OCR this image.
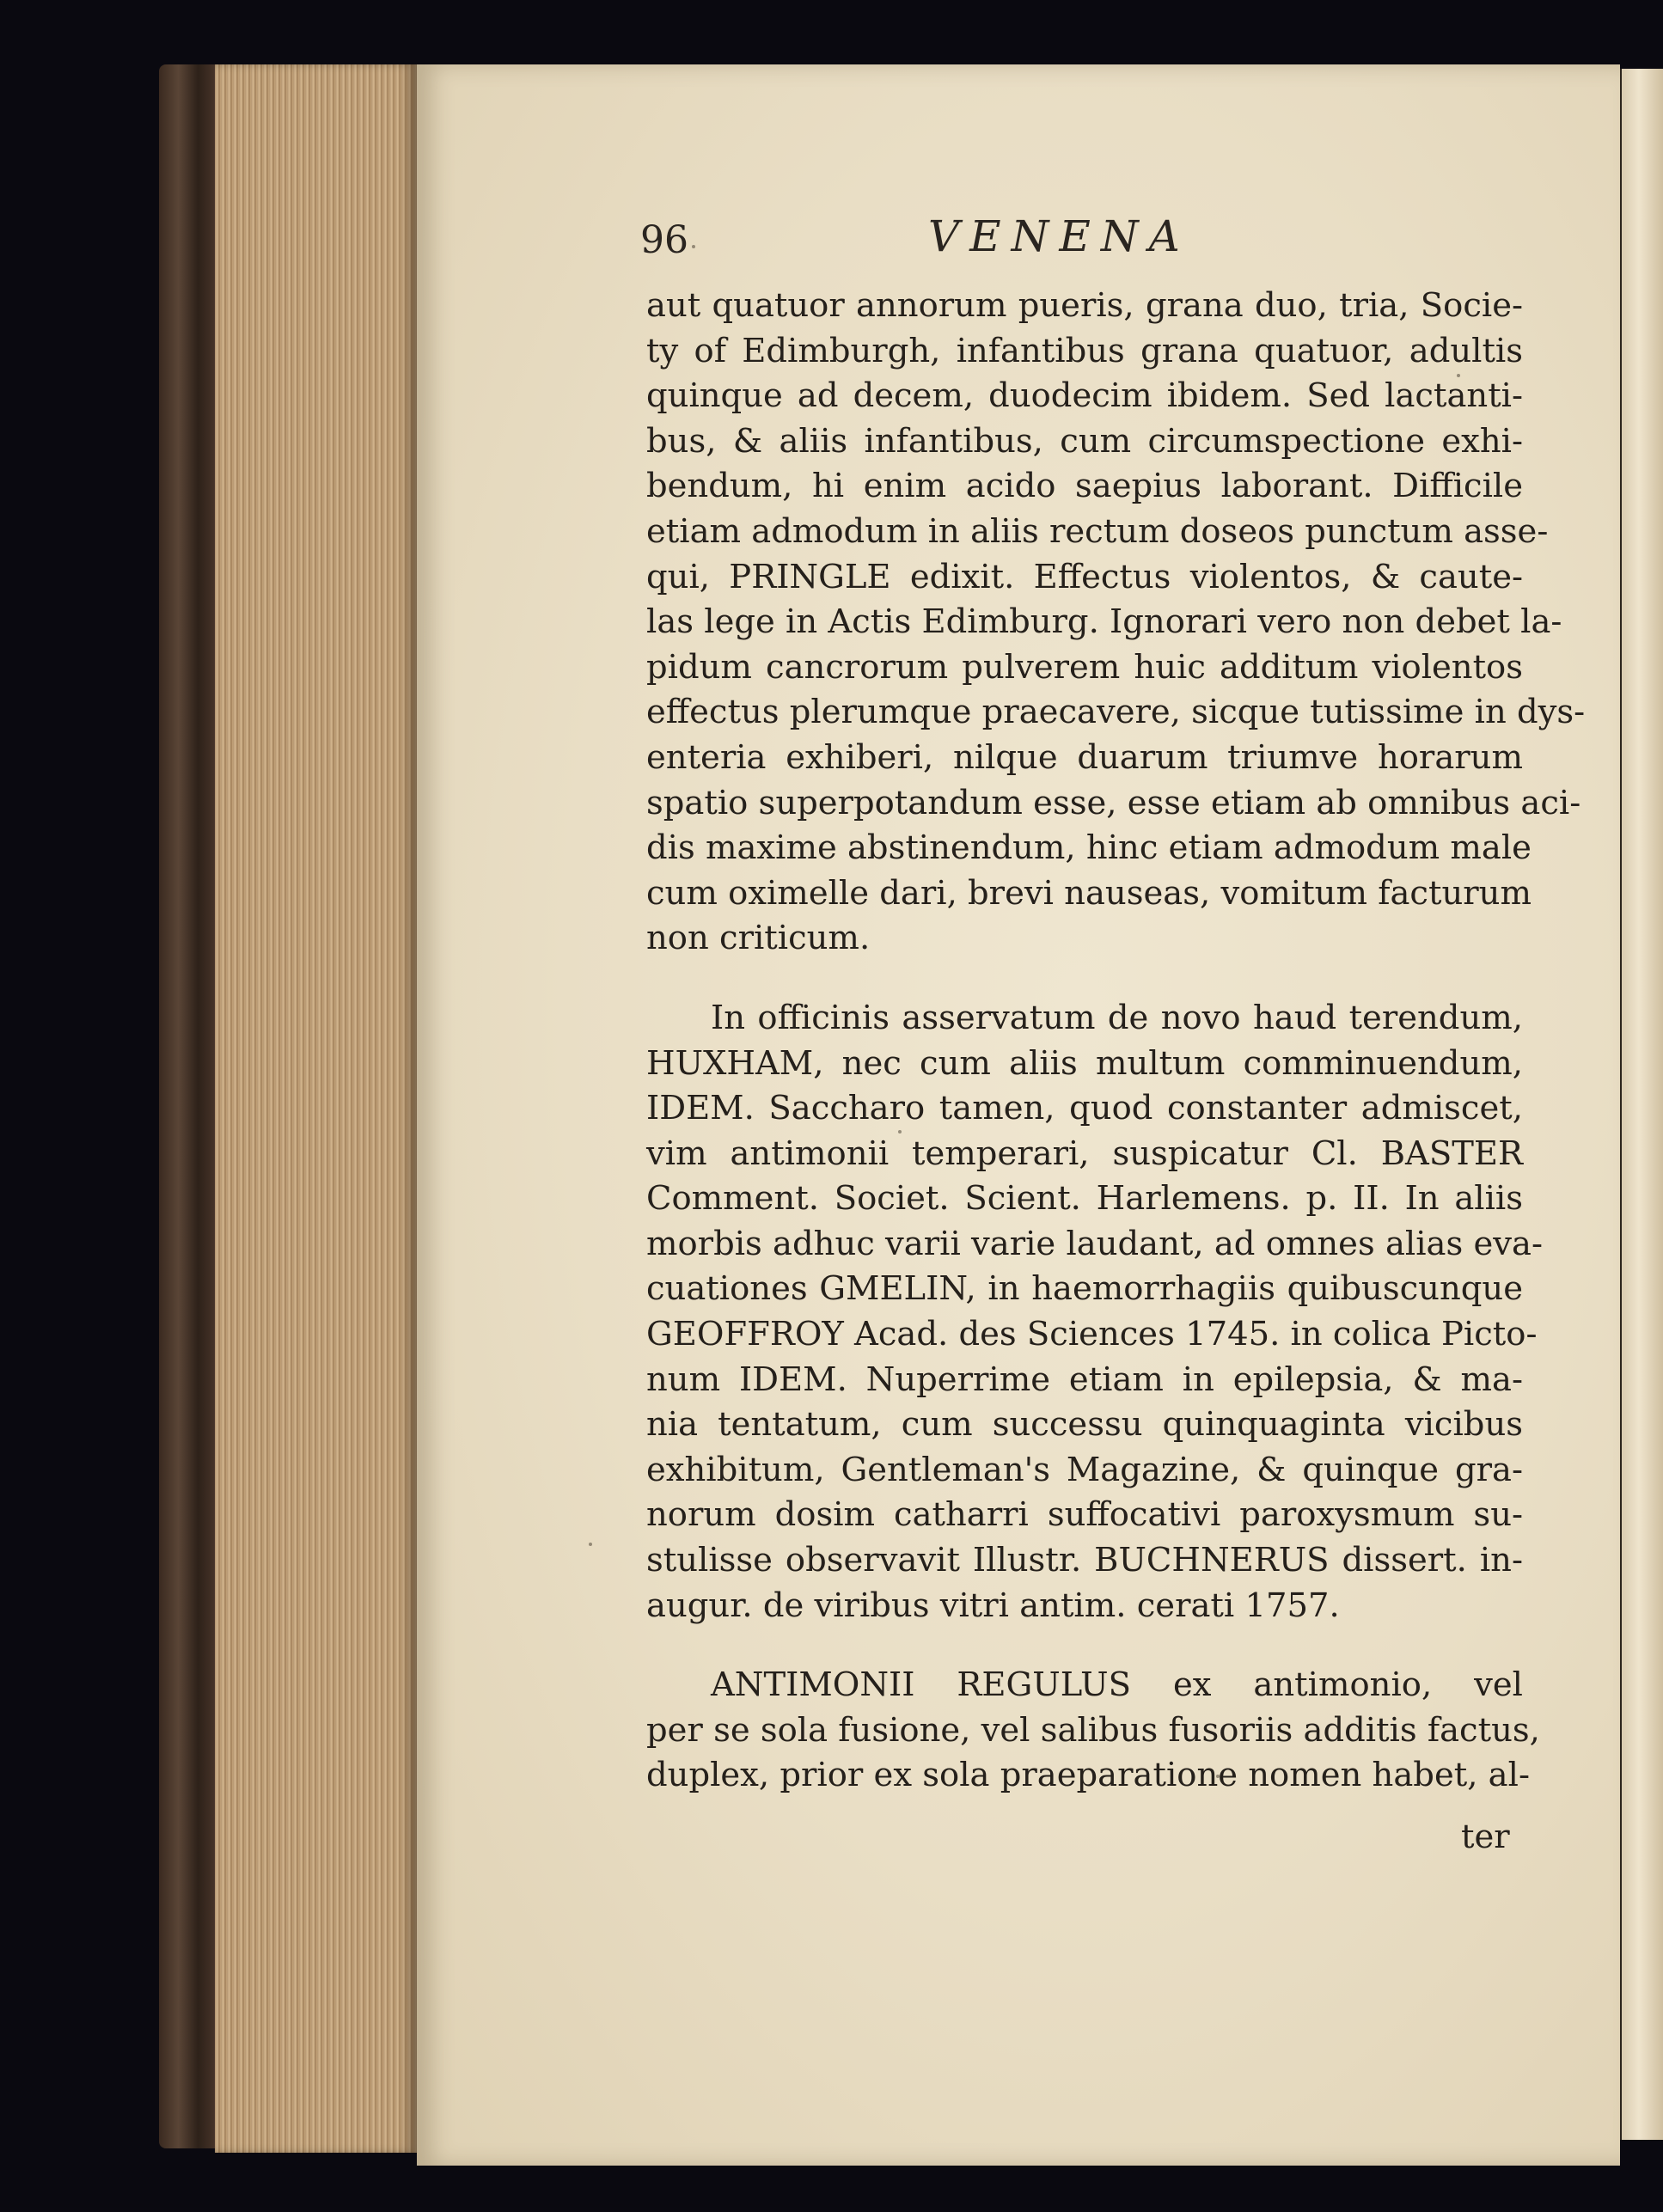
96	VENENA
aut quatuor annorum pueris, grana duo, tria, Socie-
ty of Edimburgh, infantibus grana quatuor, adultis
quinque ad decem, duodecim ibidem. Sed lactanti-
bus, & aliis infantibus, cum circumspectione exhi-
bendum, hi enim acido saepius laborant. Difficile
etiam admodum in aliis rectum doseos punctum asse-
qui, PRINGLE edixit. Effectus violentos, & caute-
las lege in Actis Edimburg. Ignorari vero non debet la-
pidum cancrorum pulverem huic additum violentos
effectus plerumque praecavere, sicque tutissime in dys-
enteria exhiberi, nilque duarum triumve horarum
spatio superpotandum esse, esse etiam ab omnibus aci-
dis maxime abstinendum, hinc etiam admodum male
cum oximelle dari, brevi nauseas, vomitum facturum
non criticum.
In officinis asservatum de novo haud terendum,
HUXHAM, nec cum aliis multum comminuendum,
IDEM. Saccharo tamen, quod constanter admiscet,
vim antimonii temperari, suspicatur Cl. BASTER
Comment. Societ. Scient. Harlemens. p. II. In aliis
morbis adhuc varii varie laudant, ad omnes alias eva-
cuationes GMELIN, in haemorrhagiis quibuscunque
GEOFFROY Acad. des Sciences 1745. in colica Picto-
num IDEM. Nuperrime etiam in epilepsia, & ma-
nia tentatum, cum successu quinquaginta vicibus
exhibitum, Gentleman's Magazine, & quinque gra-
norum dosim catharri suffocativi paroxysmum su-
stulisse observavit Illustr. BUCHNERUS dissert. in-
augur. de viribus vitri antim. cerati 1757.
ANTIMONII REGULUS ex antimonio, vel
per se sola fusione, vel salibus fusoriis additis factus,
duplex, prior ex sola praeparatione nomen habet, al-
ter
